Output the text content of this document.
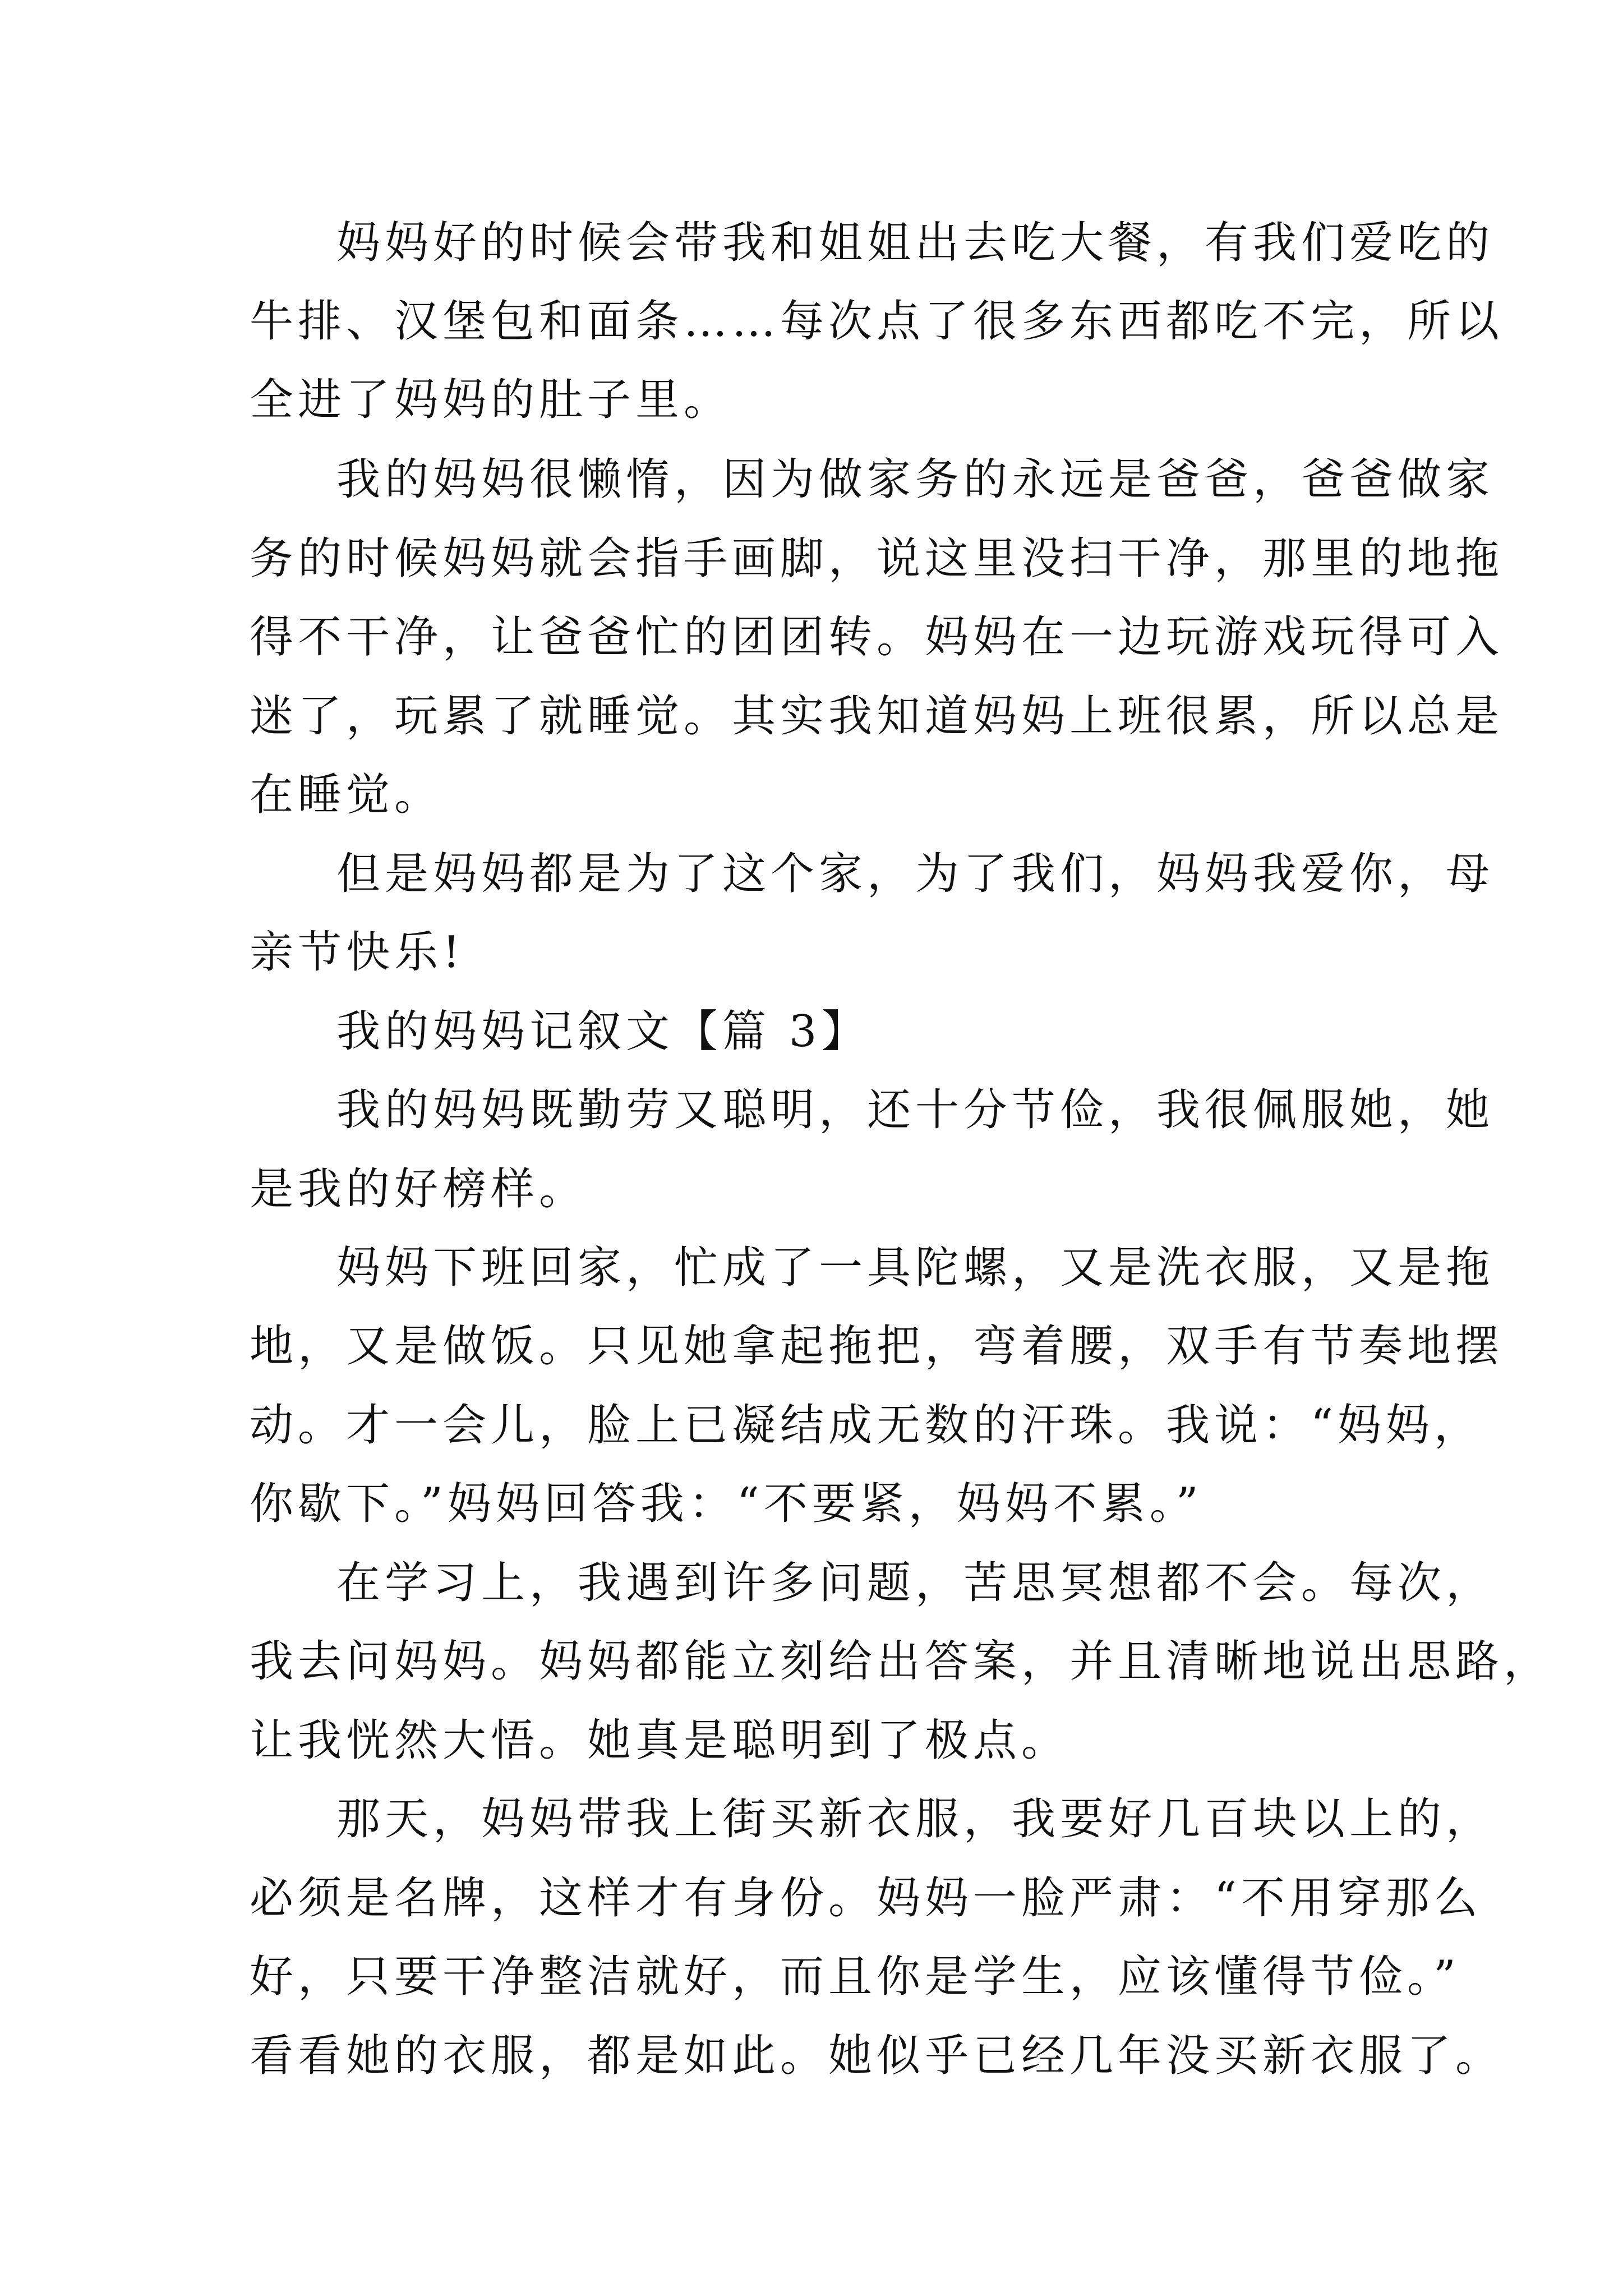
妈妈好的时候会带我和姐姐出去吃大餐，有我们爱吃的
牛排、汉堡包和面条……每次点了很多东西都吃不完，所以
全进了妈妈的肚子里。
我的妈妈很懒惰，因为做家务的永远是爸爸，爸爸做家
务的时候妈妈就会指手画脚，说这里没扫干净，那里的地拖
得不干净，让爸爸忙的团团转。妈妈在一边玩游戏玩得可入
迷了，玩累了就睡觉。其实我知道妈妈上班很累，所以总是
在睡觉。
但是妈妈都是为了这个家，为了我们，妈妈我爱你，母
亲节快乐!
我的妈妈记叙文【篇 3】
我的妈妈既勤劳又聪明，还十分节俭，我很佩服她，她
是我的好榜样。
妈妈下班回家，忙成了一具陀螺，又是洗衣服，又是拖
地，又是做饭。只见她拿起拖把，弯着腰，双手有节奏地摆
动。才一会儿，脸上已凝结成无数的汗珠。我说：“妈妈，
你歇下。”妈妈回答我：“不要紧，妈妈不累。”
在学习上，我遇到许多问题，苦思冥想都不会。每次，
我去问妈妈。妈妈都能立刻给出答案，并且清晰地说出思路，
让我恍然大悟。她真是聪明到了极点。
那天，妈妈带我上街买新衣服，我要好几百块以上的，
必须是名牌，这样才有身份。妈妈一脸严肃：“不用穿那么
好，只要干净整洁就好，而且你是学生，应该懂得节俭。”
看看她的衣服，都是如此。她似乎已经几年没买新衣服了。
